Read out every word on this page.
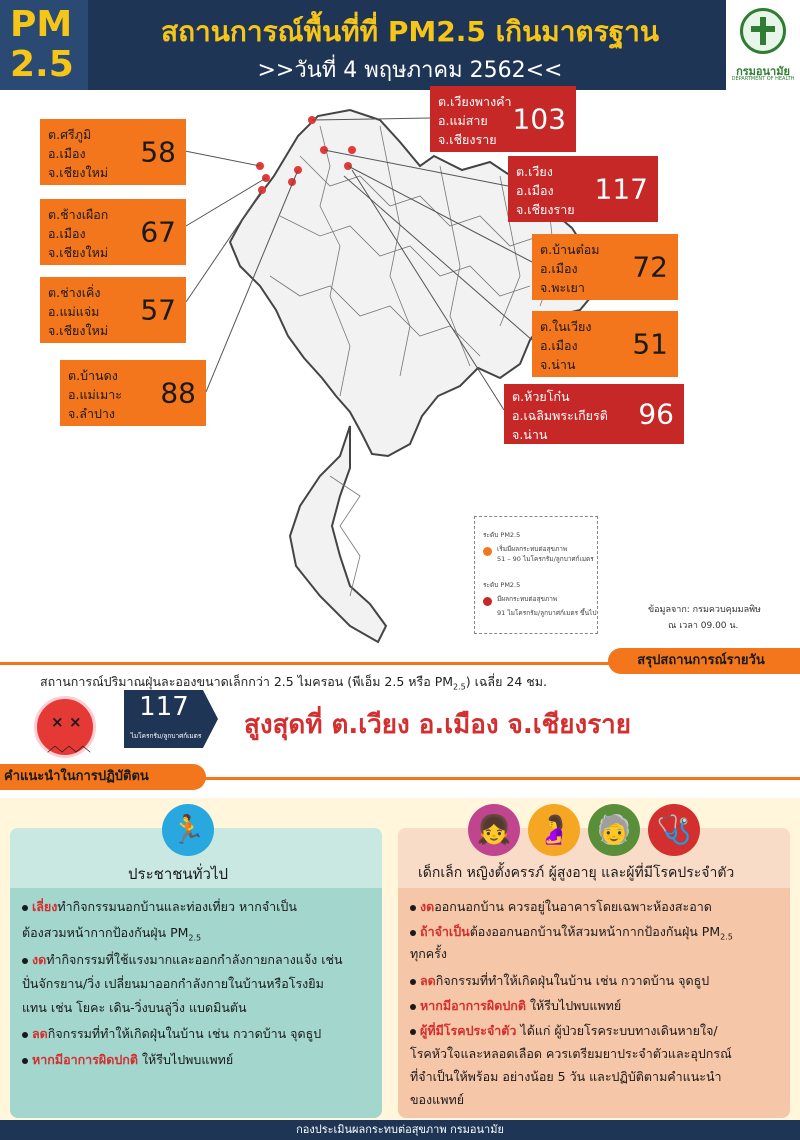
PM
2.5
สถานการณ์พื้นที่ที่ PM2.5 เกินมาตรฐาน
>>วันที่ 4 พฤษภาคม 2562<<	กรมอนามัย
DEPARTMENT OF HEALTH
ต.ศรีภูมิ
อ.เมือง
จ.เชียงใหม่
58
ต.ช้างเผือก
อ.เมือง
จ.เชียงใหม่
67
ต.ช่างเคิ่ง
อ.แม่แจ่ม
จ.เชียงใหม่
57
ต.บ้านดง
อ.แม่เมาะ
จ.ลำปาง
88
ต.เวียงพางคำ
อ.แม่สาย
จ.เชียงราย
103
ต.เวียง
อ.เมือง
จ.เชียงราย
117
ต.บ้านต๋อม
อ.เมือง
จ.พะเยา
72
ต.ในเวียง
อ.เมือง
จ.น่าน
51
ต.ห้วยโก๋น
อ.เฉลิมพระเกียรติ
จ.น่าน
96
ระดับ PM2.5
เริ่มมีผลกระทบต่อสุขภาพ
51 – 90 ไมโครกรัม/ลูกบาศก์เมตร
ระดับ PM2.5
มีผลกระทบต่อสุขภาพ
91 ไมโครกรัม/ลูกบาศก์เมตร ขึ้นไป	ข้อมูลจาก: กรมควบคุมมลพิษ
ณ เวลา 09.00 น.
สรุปสถานการณ์รายวัน
สถานการณ์ปริมาณฝุ่นละอองขนาดเล็กกว่า 2.5 ไมครอน (พีเอ็ม 2.5 หรือ $PM_{2.5}$) เฉลี่ย 24 ชม.
× ×
︿︿︿
117
ไมโครกรัม/ลูกบาศก์เมตร สูงสุดที่ ต.เวียง อ.เมือง จ.เชียงราย
คำแนะนำในการปฏิบัติตน
🏃
ประชาชนทั่วไป
เลี่ยงทำกิจกรรมนอกบ้านและท่องเที่ยว หากจำเป็น
ต้องสวมหน้ากากป้องกันฝุ่น $PM_{2.5}$
งดทำกิจกรรมที่ใช้แรงมากและออกกำลังกายกลางแจ้ง เช่น
ปั่นจักรยาน/วิ่ง เปลี่ยนมาออกกำลังกายในบ้านหรือโรงยิม
แทน เช่น โยคะ เดิน-วิ่งบนลู่วิ่ง แบดมินตัน
ลดกิจกรรมที่ทำให้เกิดฝุ่นในบ้าน เช่น กวาดบ้าน จุดธูป
หากมีอาการผิดปกติ ให้รีบไปพบแพทย์
👧 🤰 🧓 🩺
เด็กเล็ก หญิงตั้งครรภ์ ผู้สูงอายุ และผู้ที่มีโรคประจำตัว
งดออกนอกบ้าน ควรอยู่ในอาคารโดยเฉพาะห้องสะอาด
ถ้าจำเป็นต้องออกนอกบ้านให้สวมหน้ากากป้องกันฝุ่น $PM_{2.5}$
ทุกครั้ง
ลดกิจกรรมที่ทำให้เกิดฝุ่นในบ้าน เช่น กวาดบ้าน จุดธูป
หากมีอาการผิดปกติ ให้รีบไปพบแพทย์
ผู้ที่มีโรคประจำตัว ได้แก่ ผู้ป่วยโรคระบบทางเดินหายใจ/
โรคหัวใจและหลอดเลือด ควรเตรียมยาประจำตัวและอุปกรณ์
ที่จำเป็นให้พร้อม อย่างน้อย 5 วัน และปฏิบัติตามคำแนะนำ
ของแพทย์
กองประเมินผลกระทบต่อสุขภาพ กรมอนามัย
